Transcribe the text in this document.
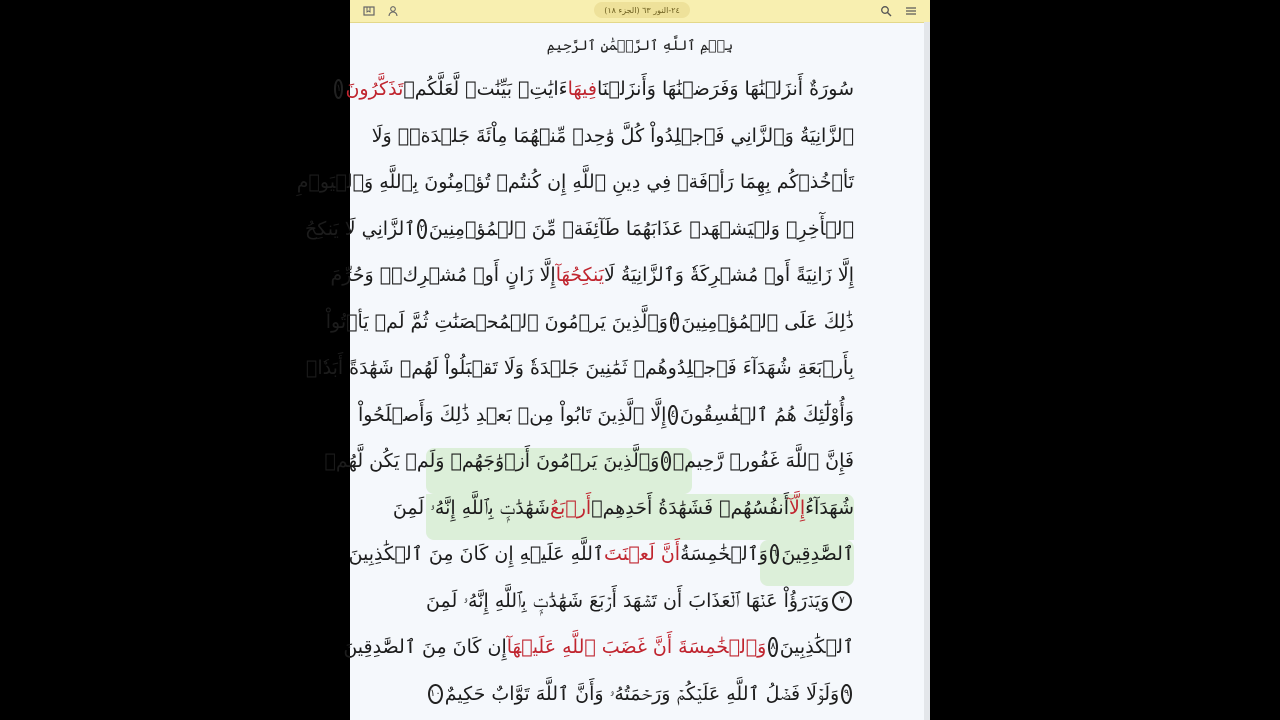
٢٤-النور ٦٣ (الجزء ١٨)
بِسۡمِ ٱللَّهِ ٱلرَّحۡمَٰنِ ٱلرَّحِيمِ
سُورَةٌ أَنزَلۡنَٰهَا وَفَرَضۡنَٰهَا وَأَنزَلۡنَا
فِيهَا
ءَايَٰتِۭ بَيِّنَٰتٖ لَّعَلَّكُمۡ
تَذَكَّرُونَ
١
ٱلزَّانِيَةُ وَٱلزَّانِي فَٱجۡلِدُواْ كُلَّ وَٰحِدٖ مِّنۡهُمَا مِاْئَةَ جَلۡدَةٖۖ وَلَا
تَأۡخُذۡكُم بِهِمَا رَأۡفَةٞ فِي دِينِ ٱللَّهِ إِن كُنتُمۡ تُؤۡمِنُونَ بِٱللَّهِ وَٱلۡيَوۡمِ
ٱلۡأٓخِرِۖ وَلۡيَشۡهَدۡ عَذَابَهُمَا طَآئِفَةٞ مِّنَ ٱلۡمُؤۡمِنِينَ
٢
ٱلزَّانِي لَا يَنكِحُ
إِلَّا زَانِيَةً أَوۡ مُشۡرِكَةٗ وَٱلزَّانِيَةُ لَا
يَنكِحُهَآ
إِلَّا زَانٍ أَوۡ مُشۡرِكٞۚ وَحُرِّمَ
ذَٰلِكَ عَلَى ٱلۡمُؤۡمِنِينَ
٣
وَٱلَّذِينَ يَرۡمُونَ ٱلۡمُحۡصَنَٰتِ ثُمَّ لَمۡ يَأۡتُواْ
بِأَرۡبَعَةِ شُهَدَآءَ فَٱجۡلِدُوهُمۡ ثَمَٰنِينَ جَلۡدَةٗ وَلَا تَقۡبَلُواْ لَهُمۡ شَهَٰدَةً أَبَدٗاۚ
وَأُوْلَٰٓئِكَ هُمُ ٱلۡفَٰسِقُونَ
٤
إِلَّا ٱلَّذِينَ تَابُواْ مِنۢ بَعۡدِ ذَٰلِكَ وَأَصۡلَحُواْ
فَإِنَّ ٱللَّهَ غَفُورٞ رَّحِيمٞ
٥
وَٱلَّذِينَ يَرۡمُونَ أَزۡوَٰجَهُمۡ وَلَمۡ يَكُن لَّهُمۡ
شُهَدَآءُ
إِلَّآ
أَنفُسُهُمۡ فَشَهَٰدَةُ أَحَدِهِمۡ
أَرۡبَعُ
شَهَٰدَٰتِۭ بِٱللَّهِ إِنَّهُۥ لَمِنَ
ٱلصَّٰدِقِينَ
٦
وَٱلۡخَٰمِسَةُ
أَنَّ لَعۡنَتَ
ٱللَّهِ عَلَيۡهِ إِن كَانَ مِنَ ٱلۡكَٰذِبِينَ
٧
وَيَدۡرَؤُاْ عَنۡهَا ٱلۡعَذَابَ أَن تَشۡهَدَ أَرۡبَعَ شَهَٰدَٰتِۭ بِٱللَّهِ إِنَّهُۥ لَمِنَ
ٱلۡكَٰذِبِينَ
٨
وَٱلۡخَٰمِسَةَ أَنَّ غَضَبَ ٱللَّهِ عَلَيۡهَآ
إِن كَانَ مِنَ ٱلصَّٰدِقِينَ
٩
وَلَوۡلَا فَضۡلُ ٱللَّهِ عَلَيۡكُمۡ وَرَحۡمَتُهُۥ وَأَنَّ ٱللَّهَ تَوَّابٌ حَكِيمٌ
١٠
